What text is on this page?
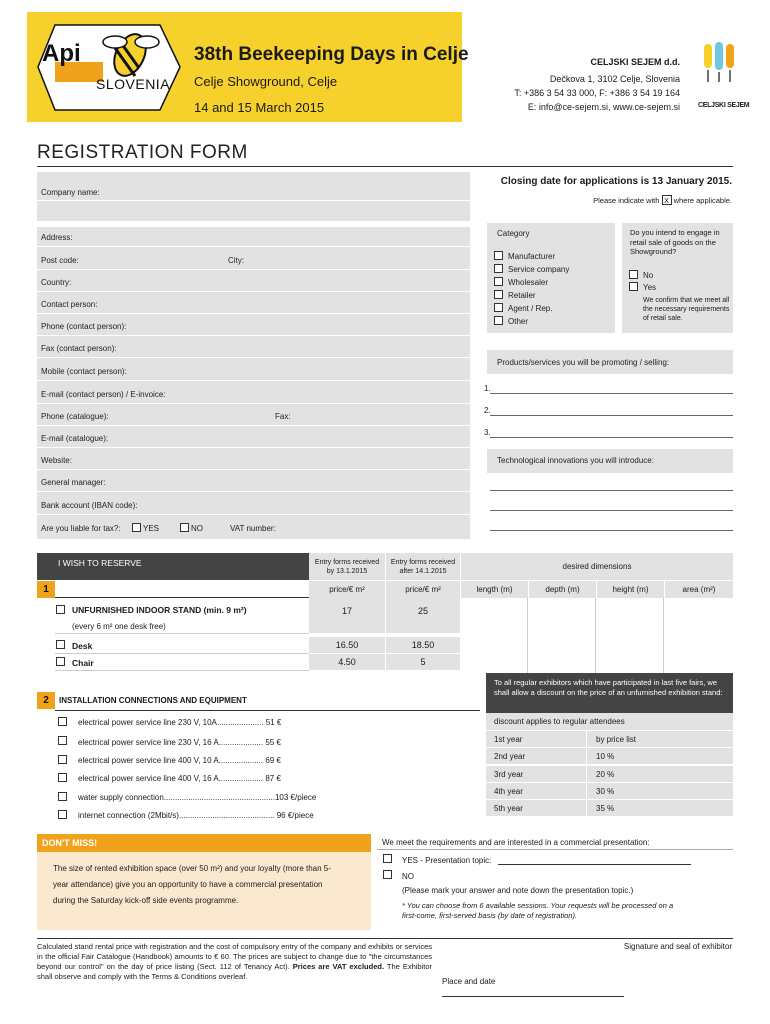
Api
SLOVENIA
38th Beekeeping Days in Celje
Celje Showground, Celje
14 and 15 March 2015
CELJSKI SEJEM d.d.
Dečkova 1, 3102 Celje, Slovenia
T: +386 3 54 33 000, F: +386 3 54 19 164
E: info@ce-sejem.si, www.ce-sejem.si	CELJSKI SEJEM
REGISTRATION FORM
Closing date for applications is 13 January 2015.
Please indicate with X where applicable.
Company name:
Address:
Post code:	City:
Country:
Contact person:
Phone (contact person):
Fax (contact person):
Mobile (contact person):
E-mail (contact person) / E-invoice:
Phone (catalogue):	Fax:
E-mail (catalogue):
Website:
General manager:
Bank account (IBAN code):
Are you liable for tax?:	YES	NO	VAT number:
Category
Manufacturer
Service company
Wholesaler
Retailer
Agent / Rep.
Other
Do you intend to engage in retail sale of goods on the Showground?
No
Yes
We confirm that we meet all the necessary requirements of retail sale.
Products/services you will be promoting / selling:
1.
2.
3.
Technological innovations you will introduce:
I WISH TO RESERVE	Entry forms received by 13.1.2015
Entry forms received after 14.1.2015
desired dimensions
1	price/€ m²	price/€ m²	length (m)	depth (m)	height (m)	area (m²)
UNFURNISHED INDOOR STAND (min. 9 m²)
(every 6 m² one desk free)
17	25
Desk	16.50	18.50
Chair	4.50	5
2	INSTALLATION CONNECTIONS AND EQUIPMENT
electrical power service line 230 V, 10A..................... 51 €
electrical power service line 230 V, 16 A.................... 55 €
electrical power service line 400 V, 10 A.................... 69 €
electrical power service line 400 V, 16 A.................... 87 €
water supply connection..................................................103 €/piece
internet connection (2Mbit/s)........................................... 96 €/piece
To all regular exhibitors which have participated in last five fairs, we shall allow a discount on the price of an unfurnished exhibition stand:
discount applies to regular attendees
1st year	by price list
2nd year	10 %
3rd year	20 %
4th year	30 %
5th year	35 %
DON'T MISS!
The size of rented exhibition space (over 50 m²) and your loyalty (more than 5-year attendance) give you an opportunity to have a commercial presentation during the Saturday kick-off side events programme.
We meet the requirements and are interested in a commercial presentation:
YES - Presentation topic:
NO
(Please mark your answer and note down the presentation topic.)
* You can choose from 6 available sessions. Your requests will be processed on a first-come, first-served basis (by date of registration).
Calculated stand rental price with registration and the cost of compulsory entry of the company and exhibits or services in the official Fair Catalogue (Handbook) amounts to € 60. The prices are subject to change due to "the circumstances beyond our control" on the day of price listing (Sect. 112 of Tenancy Act). Prices are VAT excluded. The Exhibitor shall observe and comply with the Terms & Conditions overleaf.
Signature and seal of exhibitor
Place and date
